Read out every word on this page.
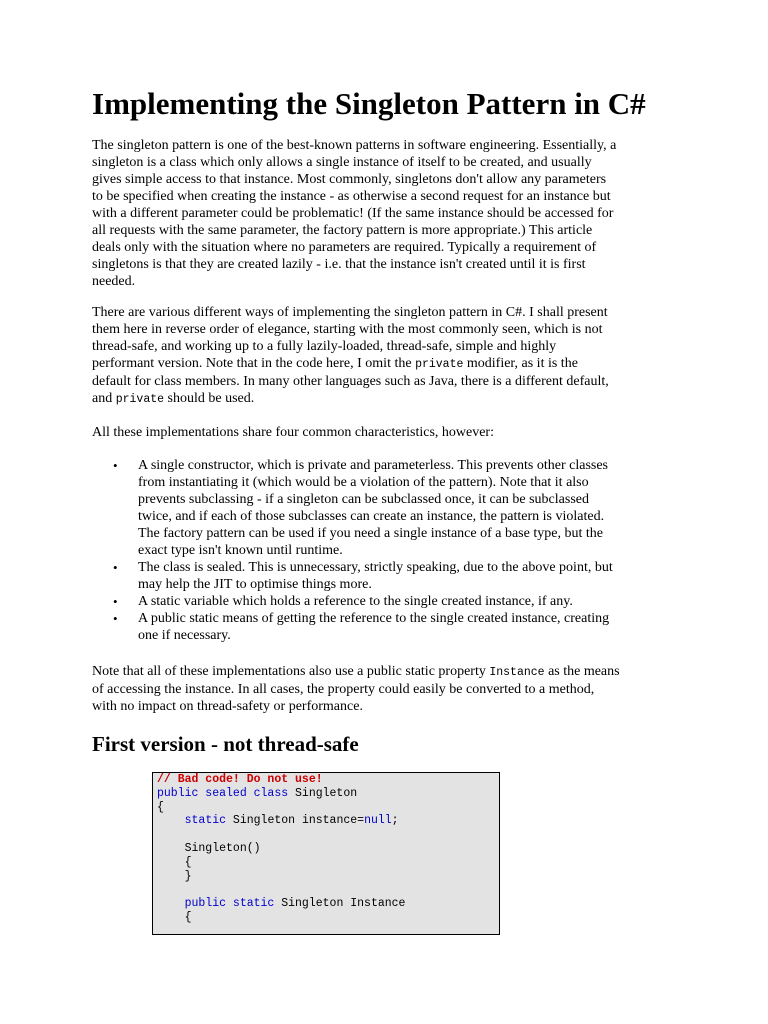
Implementing the Singleton Pattern in C#

The singleton pattern is one of the best-known patterns in software engineering. Essentially, a
singleton is a class which only allows a single instance of itself to be created, and usually
gives simple access to that instance. Most commonly, singletons don't allow any parameters
to be specified when creating the instance - as otherwise a second request for an instance but
with a different parameter could be problematic! (If the same instance should be accessed for
all requests with the same parameter, the factory pattern is more appropriate.) This article
deals only with the situation where no parameters are required. Typically a requirement of
singletons is that they are created lazily - i.e. that the instance isn't created until it is first
needed.

There are various different ways of implementing the singleton pattern in C#. I shall present
them here in reverse order of elegance, starting with the most commonly seen, which is not
thread-safe, and working up to a fully lazily-loaded, thread-safe, simple and highly
performant version. Note that in the code here, I omit the private modifier, as it is the
default for class members. In many other languages such as Java, there is a different default,
and private should be used.

All these implementations share four common characteristics, however:

• A single constructor, which is private and parameterless. This prevents other classes
from instantiating it (which would be a violation of the pattern). Note that it also
prevents subclassing - if a singleton can be subclassed once, it can be subclassed
twice, and if each of those subclasses can create an instance, the pattern is violated.
The factory pattern can be used if you need a single instance of a base type, but the
exact type isn't known until runtime.
• The class is sealed. This is unnecessary, strictly speaking, due to the above point, but
may help the JIT to optimise things more.
• A static variable which holds a reference to the single created instance, if any.
• A public static means of getting the reference to the single created instance, creating
one if necessary.

Note that all of these implementations also use a public static property Instance as the means
of accessing the instance. In all cases, the property could easily be converted to a method,
with no impact on thread-safety or performance.

First version - not thread-safe
// Bad code! Do not use!
public sealed class Singleton
{
static Singleton instance=null;
Singleton()
{
}
public static Singleton Instance
{
